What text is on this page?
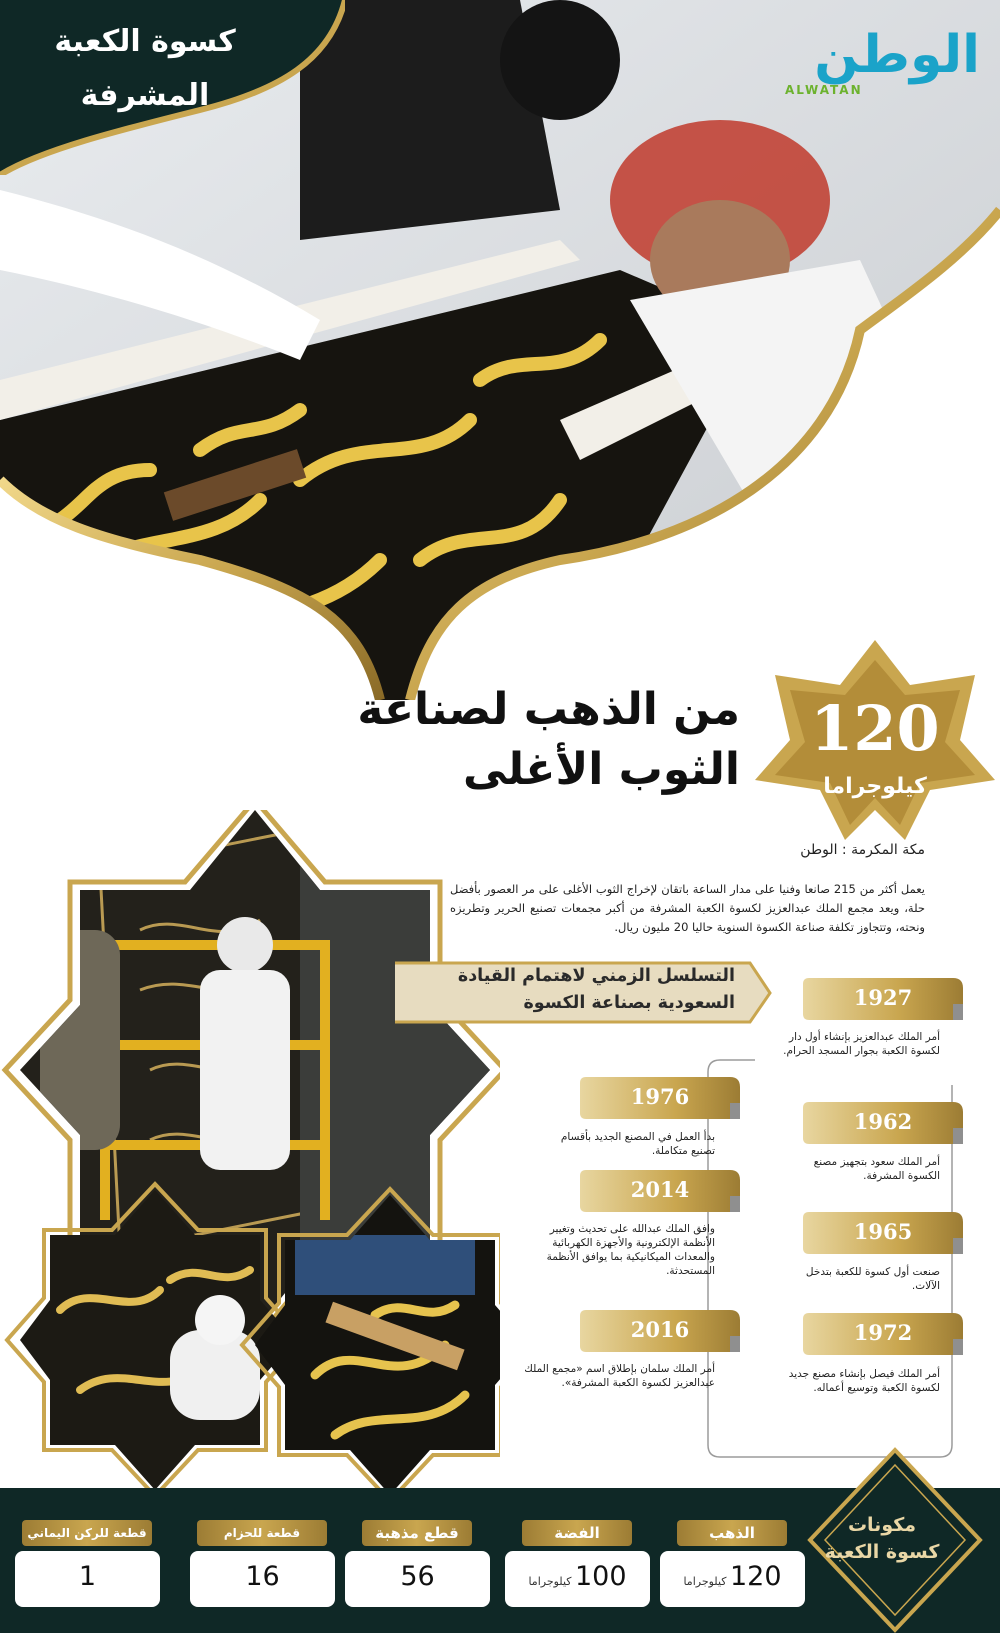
كسوة الكعبة
المشرفة
الوطن
ALWATAN
من الذهب لصناعة
الثوب الأغلى
120
كيلوجراما
مكة المكرمة : الوطن
يعمل أكثر من 215 صانعا وفنيا على مدار الساعة باتقان لإخراج الثوب الأغلى على مر العصور بأفضل حلة، ويعد مجمع الملك عبدالعزيز لكسوة الكعبة المشرفة من أكبر مجمعات تصنيع الحرير وتطريزه ونحته، وتتجاوز تكلفة صناعة الكسوة السنوية حاليا 20 مليون ريال.
التسلسل الزمني لاهتمام القيادة
السعودية بصناعة الكسوة	1927
أمر الملك عبدالعزيز بإنشاء أول دار لكسوة الكعبة بجوار المسجد الحرام.
1962
أمر الملك سعود بتجهيز مصنع الكسوة المشرفة.
1965
صنعت أول كسوة للكعبة بتدخل الآلات.
1972
أمر الملك فيصل بإنشاء مصنع جديد لكسوة الكعبة وتوسيع أعماله.
1976
بدأ العمل في المصنع الجديد بأقسام تصنيع متكاملة.
2014
وافق الملك عبدالله على تحديث وتغيير الأنظمة الإلكترونية والأجهزة الكهربائية والمعدات الميكانيكية بما يوافق الأنظمة المستحدثة.
2016
أمر الملك سلمان بإطلاق اسم «مجمع الملك عبدالعزيز لكسوة الكعبة المشرفة».
مكونات
كسوة الكعبة
الذهب
120 كيلوجراما
الفضة
100 كيلوجراما
قطع مذهبة
56
قطعة للحزام
16
قطعة للركن اليماني
1
